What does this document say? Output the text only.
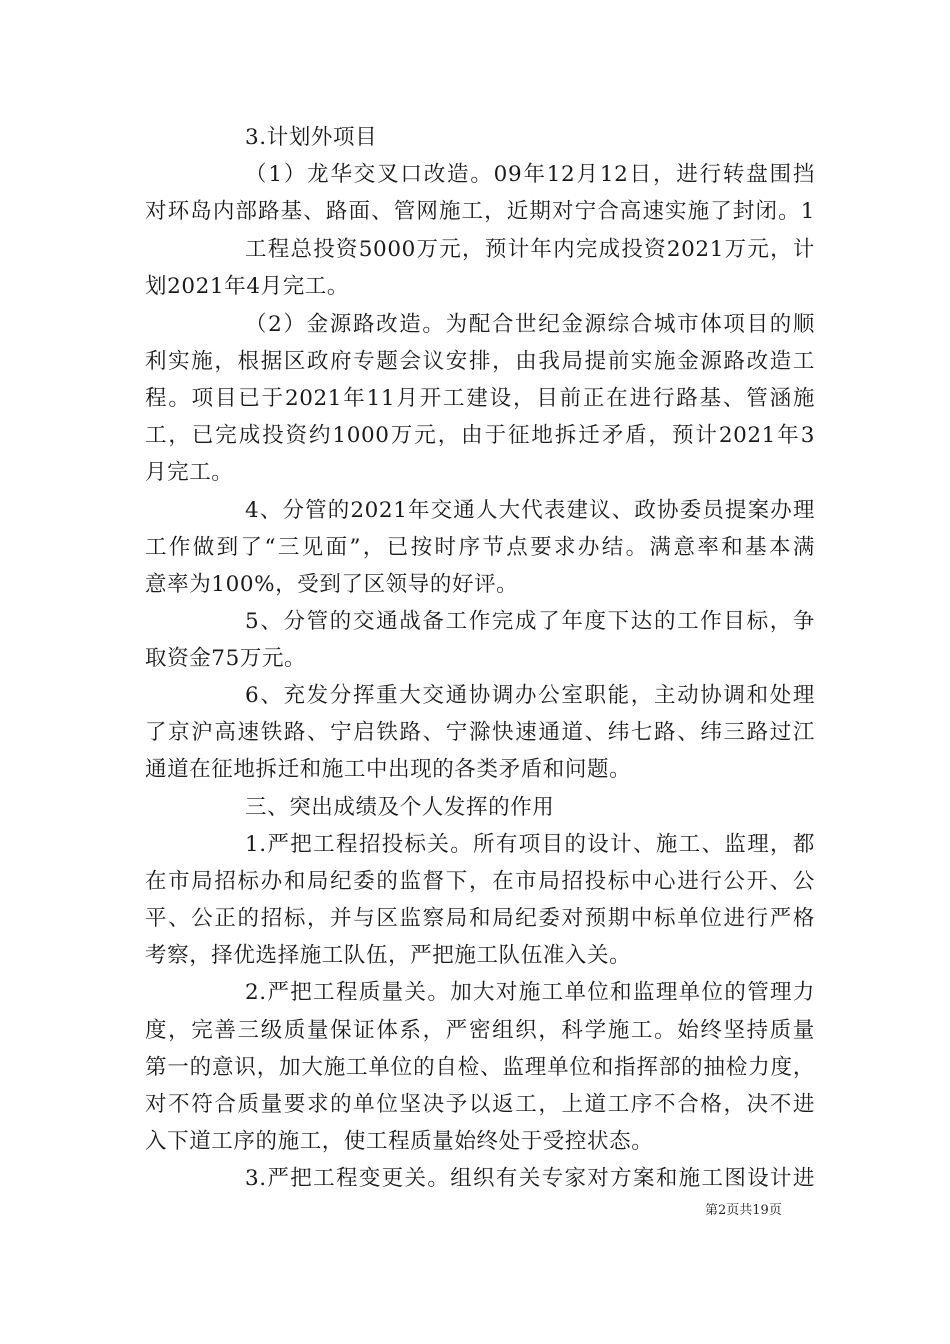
3.计划外项目
（1）龙华交叉口改造。09年12月12日，进行转盘围挡
对环岛内部路基、路面、管网施工，近期对宁合高速实施了封闭。1
工程总投资5000万元，预计年内完成投资2021万元，计
划2021年4月完工。
（2）金源路改造。为配合世纪金源综合城市体项目的顺
利实施，根据区政府专题会议安排，由我局提前实施金源路改造工
程。项目已于2021年11月开工建设，目前正在进行路基、管涵施
工，已完成投资约1000万元，由于征地拆迁矛盾，预计2021年3
月完工。
4、分管的2021年交通人大代表建议、政协委员提案办理
工作做到了“三见面”，已按时序节点要求办结。满意率和基本满
意率为100%，受到了区领导的好评。
5、分管的交通战备工作完成了年度下达的工作目标，争
取资金75万元。
6、充发分挥重大交通协调办公室职能，主动协调和处理
了京沪高速铁路、宁启铁路、宁滁快速通道、纬七路、纬三路过江
通道在征地拆迁和施工中出现的各类矛盾和问题。
三、突出成绩及个人发挥的作用
1.严把工程招投标关。所有项目的设计、施工、监理，都
在市局招标办和局纪委的监督下，在市局招投标中心进行公开、公
平、公正的招标，并与区监察局和局纪委对预期中标单位进行严格
考察，择优选择施工队伍，严把施工队伍准入关。
2.严把工程质量关。加大对施工单位和监理单位的管理力
度，完善三级质量保证体系，严密组织，科学施工。始终坚持质量
第一的意识，加大施工单位的自检、监理单位和指挥部的抽检力度，
对不符合质量要求的单位坚决予以返工，上道工序不合格，决不进
入下道工序的施工，使工程质量始终处于受控状态。
3.严把工程变更关。组织有关专家对方案和施工图设计进
第2页共19页
